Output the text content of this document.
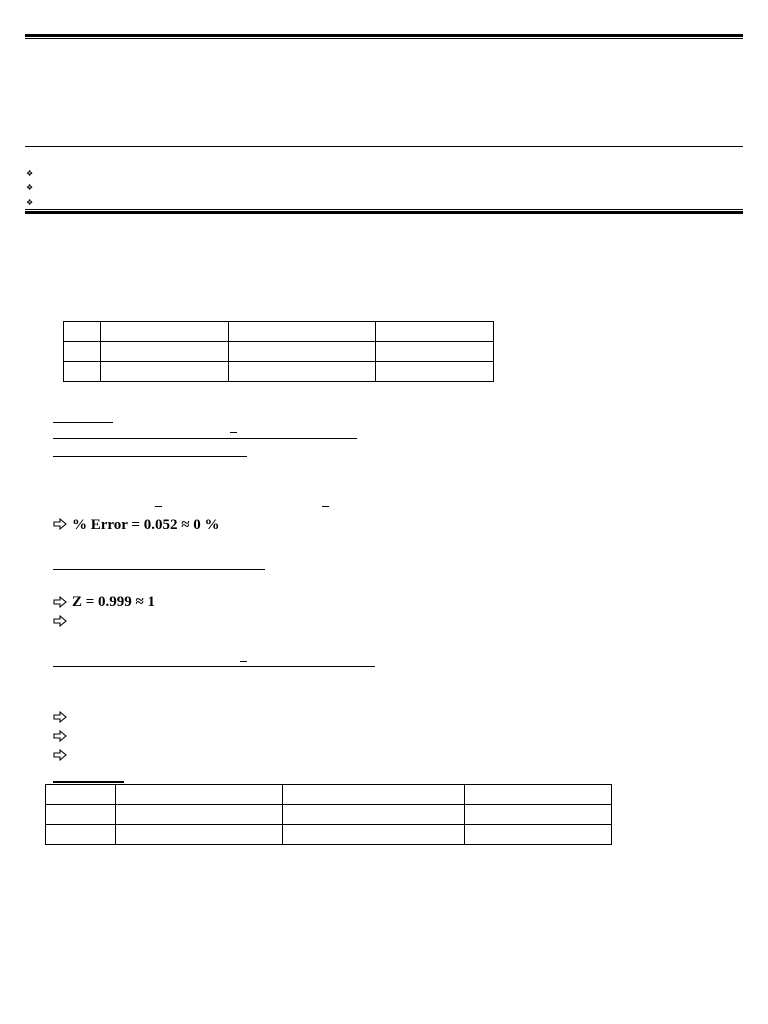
❖
❖
❖

% Error = 0.052 ≈ 0 %
Z = 0.999 ≈ 1
